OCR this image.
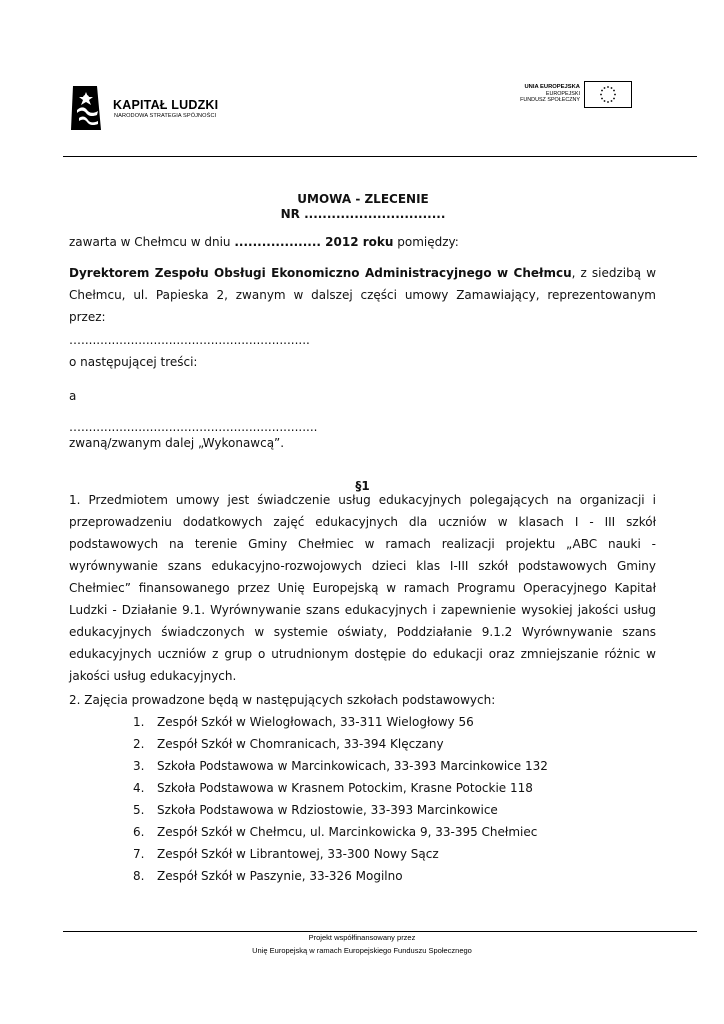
KAPITAŁ LUDZKI
NARODOWA STRATEGIA SPÓJNOŚCI
UNIA EUROPEJSKA
EUROPEJSKI
FUNDUSZ SPOŁECZNY
UMOWA - ZLECENIE
NR ...............................
zawarta w Chełmcu w dniu ................... 2012 roku pomiędzy:
Dyrektorem Zespołu Obsługi Ekonomiczno Administracyjnego w Chełmcu, z siedzibą w Chełmcu, ul. Papieska 2, zwanym w dalszej części umowy Zamawiający, reprezentowanym przez:
…............................................................
o następującej treści:
a
…..............................................................
zwaną/zwanym dalej „Wykonawcą”.
§1
1. Przedmiotem umowy jest świadczenie usług edukacyjnych polegających na organizacji i przeprowadzeniu dodatkowych zajęć edukacyjnych dla uczniów w klasach I - III szkół podstawowych na terenie Gminy Chełmiec w ramach realizacji projektu „ABC nauki - wyrównywanie szans edukacyjno-rozwojowych dzieci klas I-III szkół podstawowych Gminy Chełmiec” finansowanego przez Unię Europejską w ramach Programu Operacyjnego Kapitał Ludzki - Działanie 9.1. Wyrównywanie szans edukacyjnych i zapewnienie wysokiej jakości usług edukacyjnych świadczonych w systemie oświaty, Poddziałanie 9.1.2 Wyrównywanie szans edukacyjnych uczniów z grup o utrudnionym dostępie do edukacji oraz zmniejszanie różnic w jakości usług edukacyjnych.
2. Zajęcia prowadzone będą w następujących szkołach podstawowych:
1. Zespół Szkół w Wielogłowach, 33-311 Wielogłowy 56
2. Zespół Szkół w Chomranicach, 33-394 Klęczany
3. Szkoła Podstawowa w Marcinkowicach, 33-393 Marcinkowice 132
4. Szkoła Podstawowa w Krasnem Potockim, Krasne Potockie 118
5. Szkoła Podstawowa w Rdziostowie, 33-393 Marcinkowice
6. Zespół Szkół w Chełmcu, ul. Marcinkowicka 9, 33-395 Chełmiec
7. Zespół Szkół w Librantowej, 33-300 Nowy Sącz
8. Zespół Szkół w Paszynie, 33-326 Mogilno
Projekt współfinansowany przez
Unię Europejską w ramach Europejskiego Funduszu Społecznego
